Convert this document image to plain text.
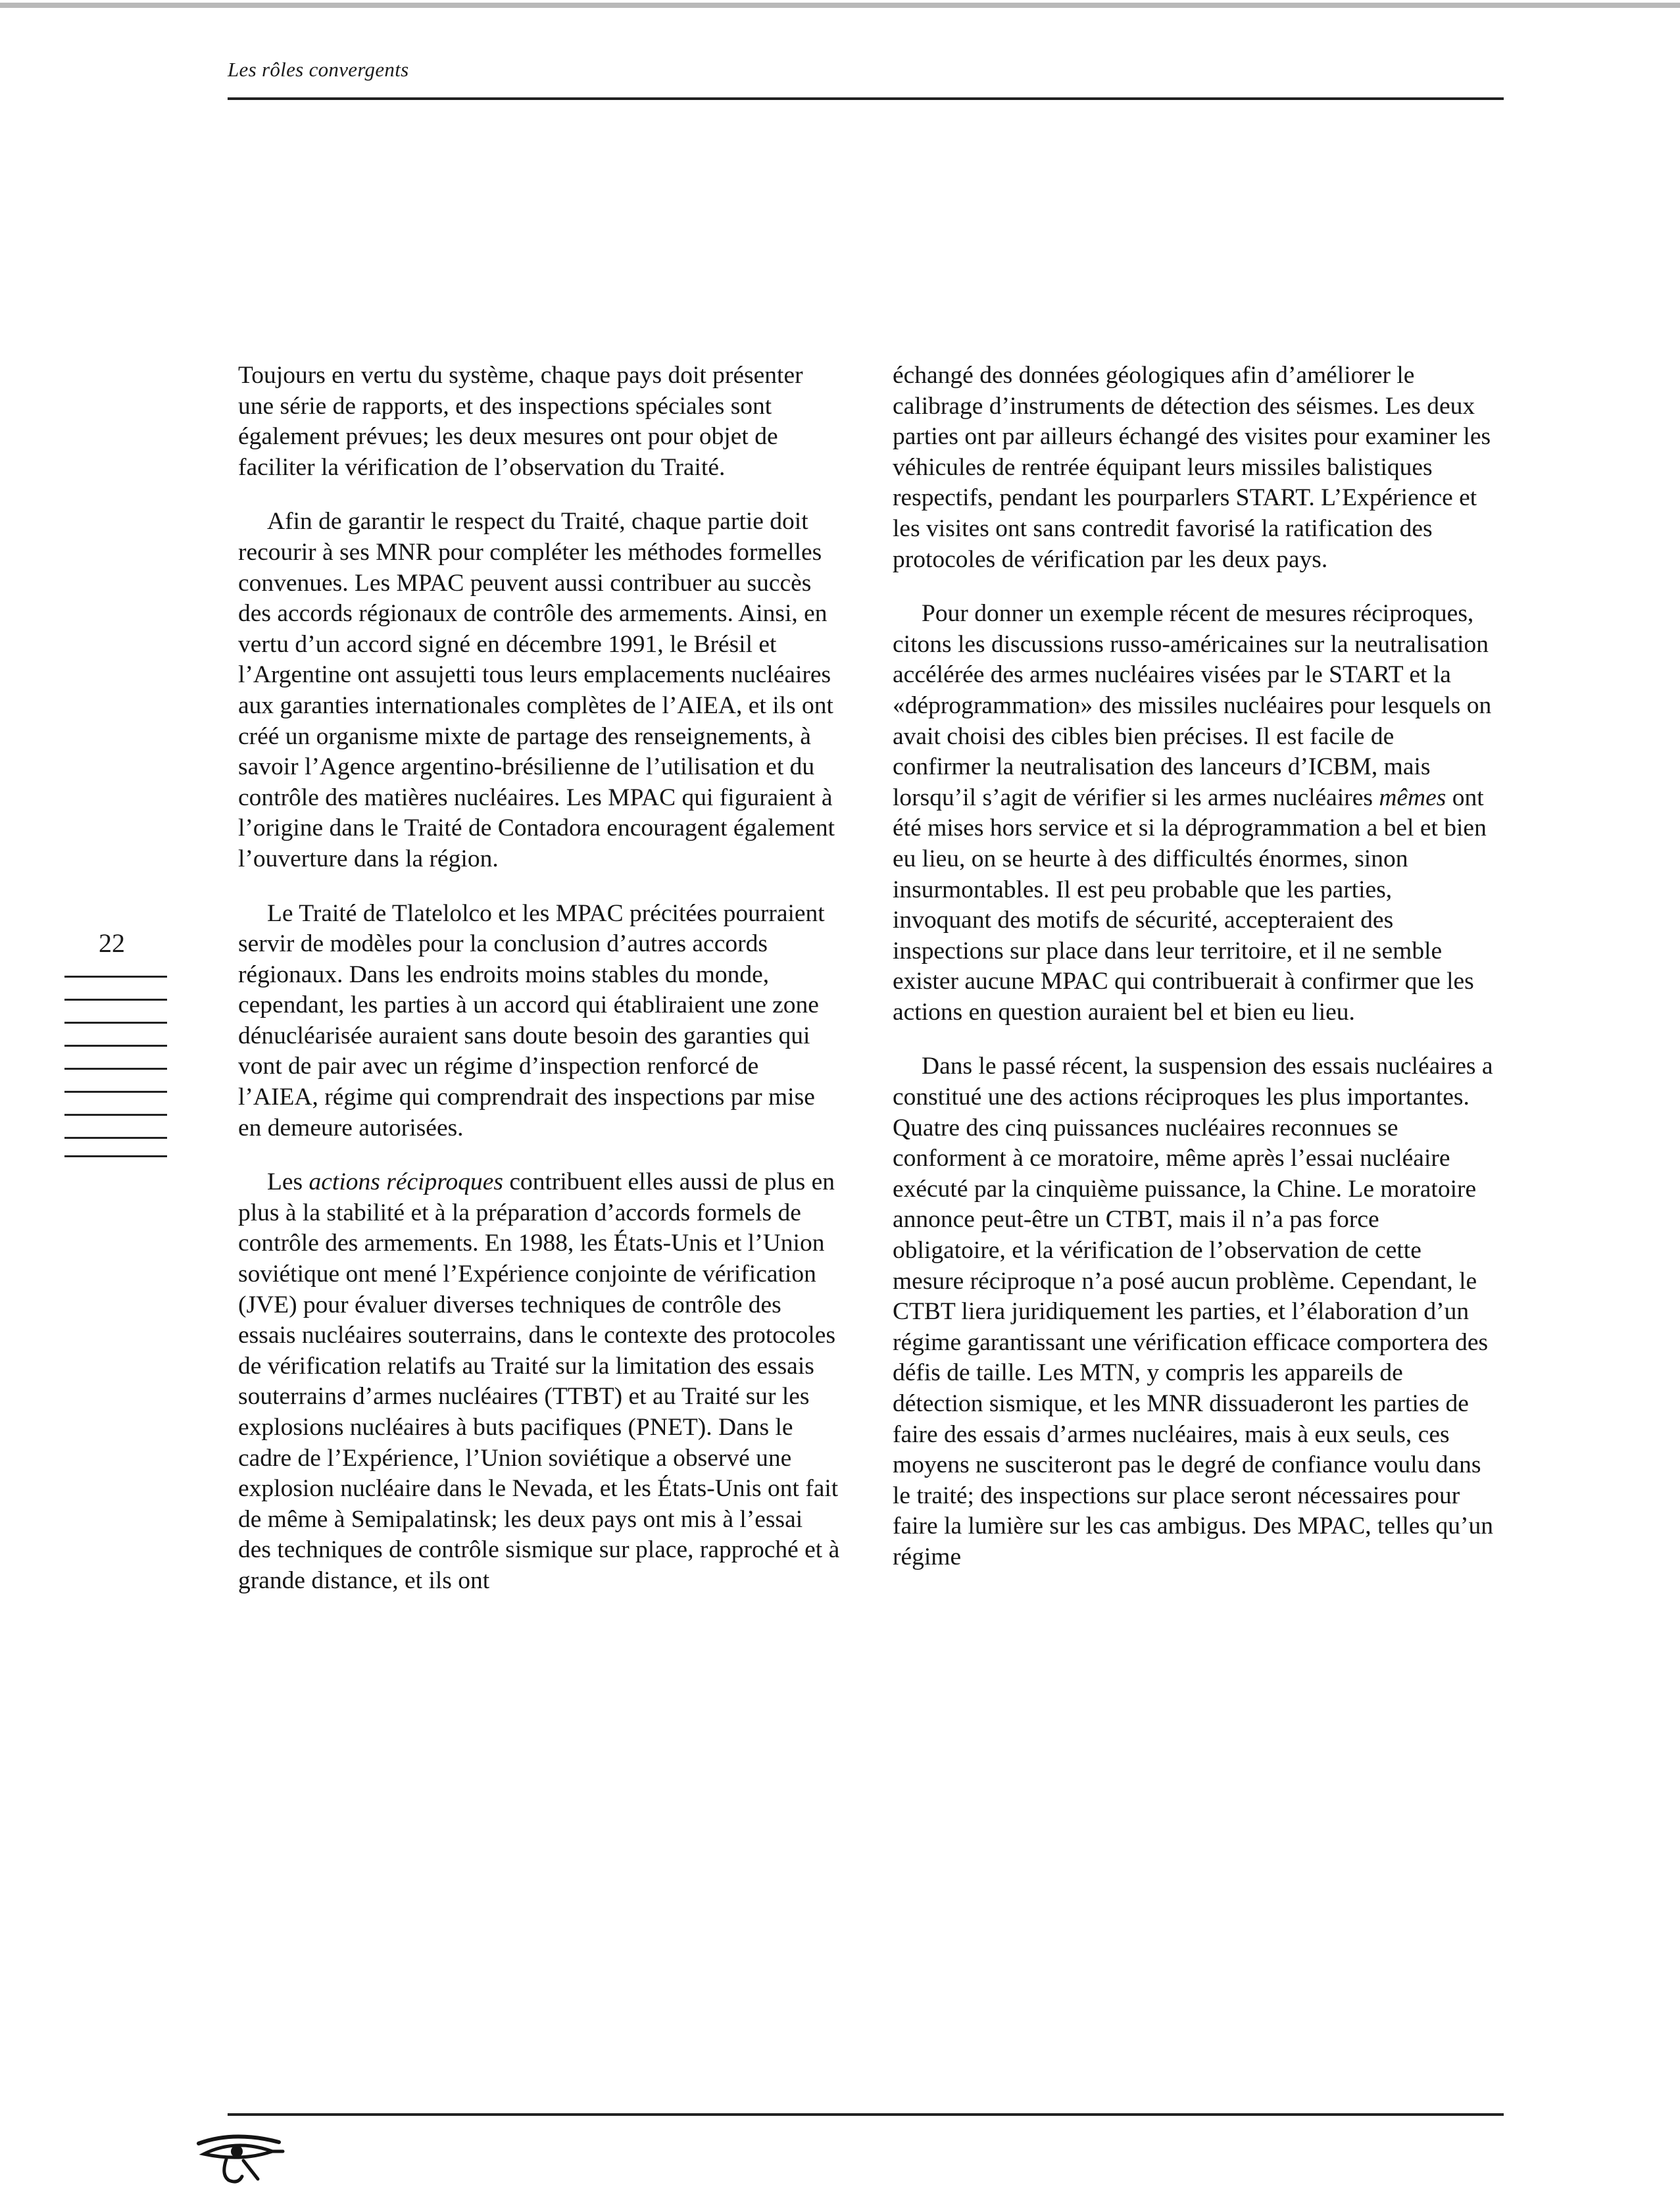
Les rôles convergents

Toujours en vertu du système, chaque pays doit présenter une série de rapports, et des inspections spéciales sont également prévues; les deux mesures ont pour objet de faciliter la vérification de l’observation du Traité.

Afin de garantir le respect du Traité, chaque partie doit recourir à ses MNR pour compléter les méthodes formelles convenues. Les MPAC peuvent aussi contribuer au succès des accords régionaux de contrôle des armements. Ainsi, en vertu d’un accord signé en décembre 1991, le Brésil et l’Argentine ont assujetti tous leurs emplacements nucléaires aux garanties internationales complètes de l’AIEA, et ils ont créé un organisme mixte de partage des renseignements, à savoir l’Agence argentino-brésilienne de l’utilisation et du contrôle des matières nucléaires. Les MPAC qui figuraient à l’origine dans le Traité de Contadora encouragent également l’ouverture dans la région.

Le Traité de Tlatelolco et les MPAC précitées pourraient servir de modèles pour la conclusion d’autres accords régionaux. Dans les endroits moins stables du monde, cependant, les parties à un accord qui établiraient une zone dénucléarisée auraient sans doute besoin des garanties qui vont de pair avec un régime d’inspection renforcé de l’AIEA, régime qui comprendrait des inspections par mise en demeure autorisées.

Les actions réciproques contribuent elles aussi de plus en plus à la stabilité et à la préparation d’accords formels de contrôle des armements. En 1988, les États-Unis et l’Union soviétique ont mené l’Expérience conjointe de vérification (JVE) pour évaluer diverses techniques de contrôle des essais nucléaires souterrains, dans le contexte des protocoles de vérification relatifs au Traité sur la limitation des essais souterrains d’armes nucléaires (TTBT) et au Traité sur les explosions nucléaires à buts pacifiques (PNET). Dans le cadre de l’Expérience, l’Union soviétique a observé une explosion nucléaire dans le Nevada, et les États-Unis ont fait de même à Semipalatinsk; les deux pays ont mis à l’essai des techniques de contrôle sismique sur place, rapproché et à grande distance, et ils ont

échangé des données géologiques afin d’améliorer le calibrage d’instruments de détection des séismes. Les deux parties ont par ailleurs échangé des visites pour examiner les véhicules de rentrée équipant leurs missiles balistiques respectifs, pendant les pourparlers START. L’Expérience et les visites ont sans contredit favorisé la ratification des protocoles de vérification par les deux pays.

Pour donner un exemple récent de mesures réciproques, citons les discussions russo-américaines sur la neutralisation accélérée des armes nucléaires visées par le START et la «déprogrammation» des missiles nucléaires pour lesquels on avait choisi des cibles bien précises. Il est facile de confirmer la neutralisation des lanceurs d’ICBM, mais lorsqu’il s’agit de vérifier si les armes nucléaires mêmes ont été mises hors service et si la déprogrammation a bel et bien eu lieu, on se heurte à des difficultés énormes, sinon insurmontables. Il est peu probable que les parties, invoquant des motifs de sécurité, accepteraient des inspections sur place dans leur territoire, et il ne semble exister aucune MPAC qui contribuerait à confirmer que les actions en question auraient bel et bien eu lieu.

Dans le passé récent, la suspension des essais nucléaires a constitué une des actions réciproques les plus importantes. Quatre des cinq puissances nucléaires reconnues se conforment à ce moratoire, même après l’essai nucléaire exécuté par la cinquième puissance, la Chine. Le moratoire annonce peut-être un CTBT, mais il n’a pas force obligatoire, et la vérification de l’observation de cette mesure réciproque n’a posé aucun problème. Cependant, le CTBT liera juridiquement les parties, et l’élaboration d’un régime garantissant une vérification efficace comportera des défis de taille. Les MTN, y compris les appareils de détection sismique, et les MNR dissuaderont les parties de faire des essais d’armes nucléaires, mais à eux seuls, ces moyens ne susciteront pas le degré de confiance voulu dans le traité; des inspections sur place seront nécessaires pour faire la lumière sur les cas ambigus. Des MPAC, telles qu’un régime

22
